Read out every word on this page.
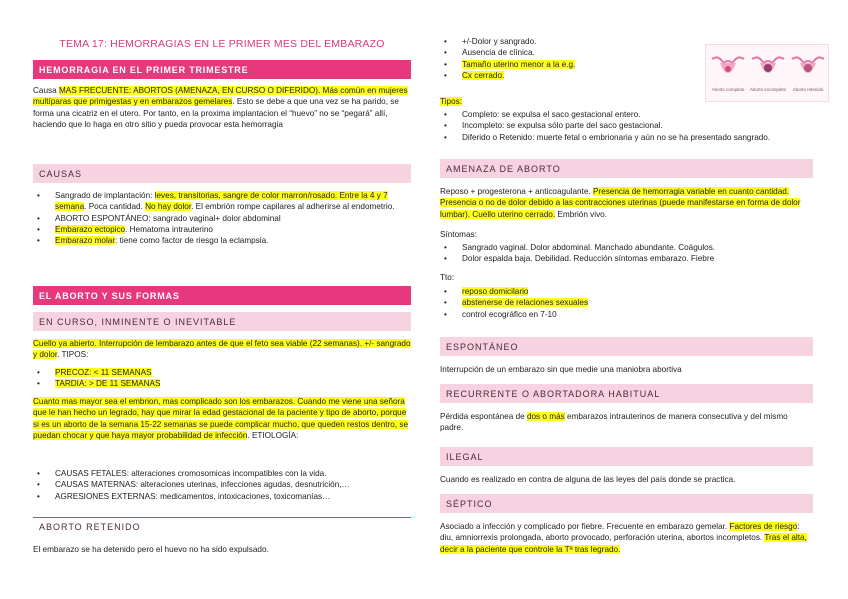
TEMA 17: HEMORRAGIAS EN LE PRIMER MES DEL EMBARAZO
HEMORRAGIA EN EL PRIMER TRIMESTRE
Causa MAS FRECUENTE: ABORTOS (AMENAZA, EN CURSO O DIFERIDO). Más común en mujeres multíparas que primigestas y en embarazos gemelares. Esto se debe a que una vez se ha parido, se forma una cicatriz en el utero. Por tanto, en la proxima implantacion el “huevo” no se “pegará” allí, haciendo que lo haga en otro sitio y pueda provocar esta hemorragia
CAUSAS
• Sangrado de implantación: leves, transitorias, sangre de color marron/rosado. Entre la 4 y 7 semana. Poca cantidad. No hay dolor. El embrión rompe capilares al adherirse al endometrio.
• ABORTO ESPONTÁNEO: sangrado vaginal+ dolor abdominal
• Embarazo ectopico. Hematoma intrauterino
• Embarazo molar: tiene como factor de riesgo la eclampsia.
EL ABORTO Y SUS FORMAS
EN CURSO, INMINENTE O INEVITABLE
Cuello ya abierto. Interrupción de lembarazo antes de que el feto sea viable (22 semanas). +/- sangrado y dolor. TIPOS:
• PRECOZ: < 11 SEMANAS
• TARDIA: > DE 11 SEMANAS
Cuanto mas mayor sea el embrion, mas complicado son los embarazos. Cuando me viene una señora que le han hecho un legrado, hay que mirar la edad gestacional de la paciente y tipo de aborto, porque si es un aborto de la semana 15-22 semanas se puede complicar mucho, que queden restos dentro, se puedan chocar y que haya mayor probabilidad de infección. ETIOLOGÍA:
• CAUSAS FETALES: alteraciones cromosomicas incompatibles con la vida.
• CAUSAS MATERNAS: alteraciones uterinas, infecciones agudas, desnutrición,…
• AGRESIONES EXTERNAS: medicamentos, intoxicaciones, toxicomanías…
ABORTO RETENIDO
El embarazo se ha detenido pero el huevo no ha sido expulsado.
• +/-Dolor y sangrado.
• Ausencia de clínica.
• Tamaño uterino menor a la e.g.
• Cx cerrado.
Tipos:
• Completo: se expulsa el saco gestacional entero.
• Incompleto: se expulsa sólo parte del saco gestacional.
• Diferido o Retenido: muerte fetal o embrionaria y aún no se ha presentado sangrado.
Aborto completo	Aborto incompleto	Aborto retenido
AMENAZA DE ABORTO
Reposo + progesterona + anticoagulante. Presencia de hemorragia variable en cuanto cantidad. Presencia o no de dolor debido a las contracciones uterinas (puede manifestarse en forma de dolor lumbar). Cuello uterino cerrado. Embrión vivo.
Síntomas:
• Sangrado vaginal. Dolor abdominal. Manchado abundante. Coágulos.
• Dolor espalda baja. Debilidad. Reducción síntomas embarazo. Fiebre
Tto:
• reposo domicilario
• abstenerse de relaciones sexuales
• control ecográfico en 7-10
ESPONTÁNEO
Interrupción de un embarazo sin que medie una maniobra abortiva
RECURRENTE O ABORTADORA HABITUAL
Pérdida espontánea de dos o más embarazos intrauterinos de manera consecutiva y del mismo padre.
ILEGAL
Cuando es realizado en contra de alguna de las leyes del país donde se practica.
SÉPTICO
Asociado a infección y complicado por fiebre. Frecuente en embarazo gemelar. Factores de riesgo: diu, amniorrexis prolongada, aborto provocado, perforación uterina, abortos incompletos. Tras el alta, decir a la paciente que controle la Tª tras legrado.
